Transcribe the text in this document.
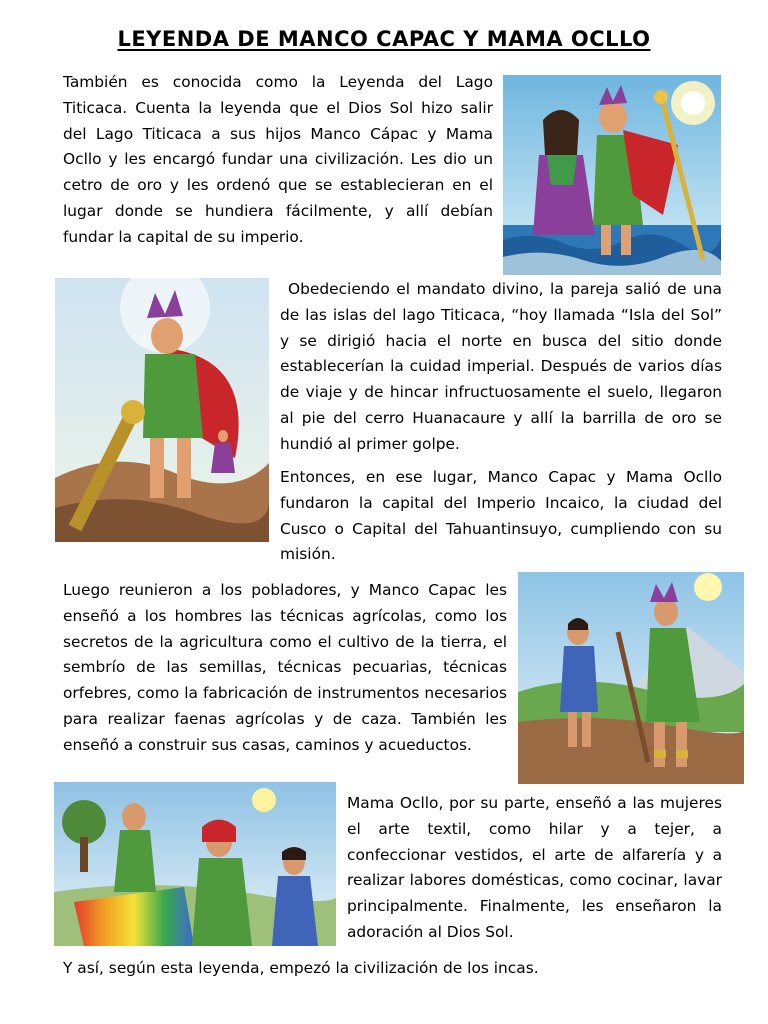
LEYENDA DE MANCO CAPAC Y MAMA OCLLO

También es conocida como la Leyenda del Lago Titicaca. Cuenta la leyenda que el Dios Sol hizo salir del Lago Titicaca a sus hijos Manco Cápac y Mama Ocllo y les encargó fundar una civilización. Les dio un cetro de oro y les ordenó que se establecieran en el lugar donde se hundiera fácilmente, y allí debían fundar la capital de su imperio.

Obedeciendo el mandato divino, la pareja salió de una de las islas del lago Titicaca, “hoy llamada “Isla del Sol” y se dirigió hacia el norte en busca del sitio donde establecerían la cuidad imperial. Después de varios días de viaje y de hincar infructuosamente el suelo, llegaron al pie del cerro Huanacaure y allí la barrilla de oro se hundió al primer golpe.

Entonces, en ese lugar, Manco Capac y Mama Ocllo fundaron la capital del Imperio Incaico, la ciudad del Cusco o Capital del Tahuantinsuyo, cumpliendo con su misión.

Luego reunieron a los pobladores, y Manco Capac les enseñó a los hombres las técnicas agrícolas, como los secretos de la agricultura como el cultivo de la tierra, el sembrío de las semillas, técnicas pecuarias, técnicas orfebres, como la fabricación de instrumentos necesarios para realizar faenas agrícolas y de caza. También les enseñó a construir sus casas, caminos y acueductos.

Mama Ocllo, por su parte, enseñó a las mujeres el arte textil, como hilar y a tejer, a confeccionar vestidos, el arte de alfarería y a realizar labores domésticas, como cocinar, lavar principalmente. Finalmente, les enseñaron la adoración al Dios Sol.

Y así, según esta leyenda, empezó la civilización de los incas.
